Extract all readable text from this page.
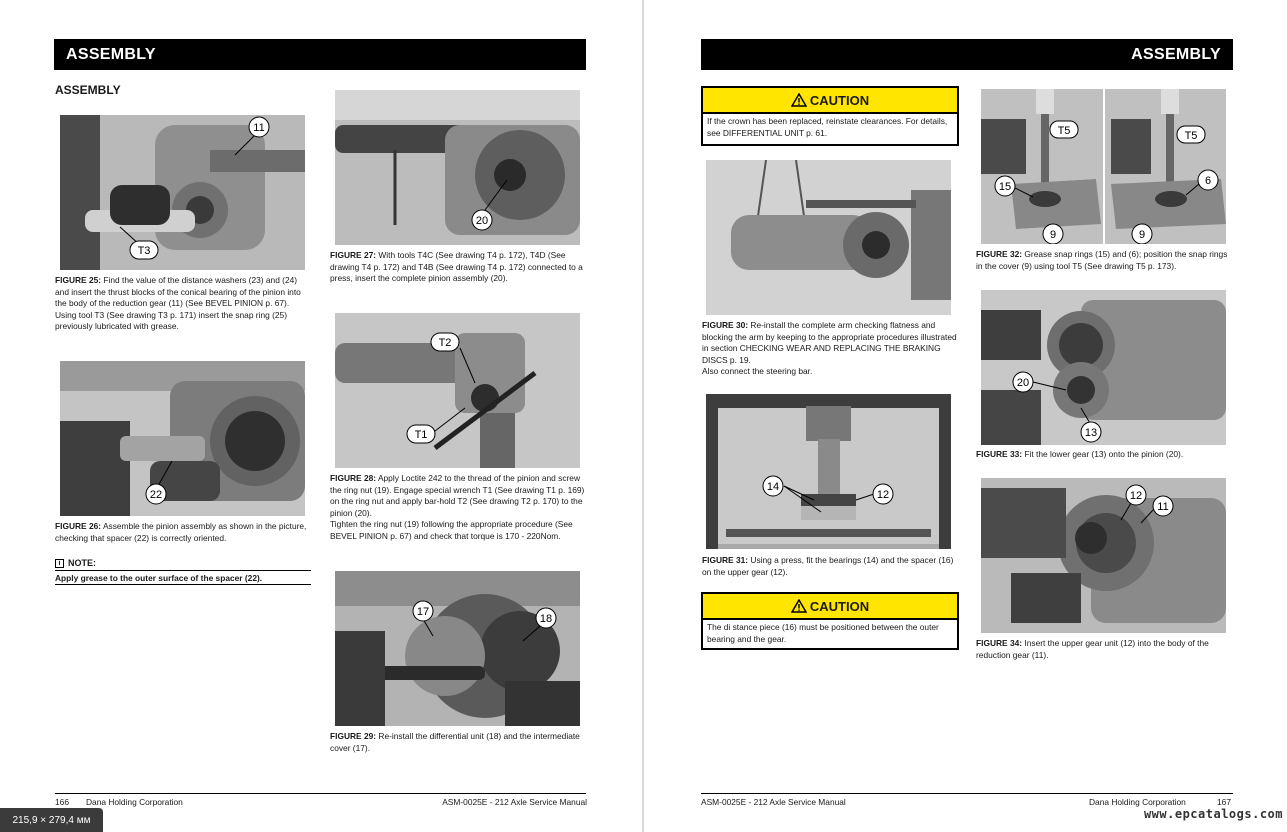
ASSEMBLY
ASSEMBLY
11
T3
FIGURE 25: Find the value of the distance washers (23) and (24) and insert the thrust blocks of the conical bearing of the pinion into the body of the reduction gear (11) (See BEVEL PINION p. 67).
Using tool T3 (See drawing T3 p. 171) insert the snap ring (25) previously lubricated with grease.
22
FIGURE 26: Assemble the pinion assembly as shown in the picture, checking that spacer (22) is correctly oriented.
i NOTE:
Apply grease to the outer surface of the spacer (22).
20
FIGURE 27: With tools T4C (See drawing T4 p. 172), T4D (See drawing T4 p. 172) and T4B (See drawing T4 p. 172) connected to a press, insert the complete pinion assembly (20).
T2
T1
FIGURE 28: Apply Loctite 242 to the thread of the pinion and screw the ring nut (19). Engage special wrench T1 (See drawing T1 p. 169) on the ring nut and apply bar-hold T2 (See drawing T2 p. 170) to the pinion (20).
Tighten the ring nut (19) following the appropriate procedure (See BEVEL PINION p. 67) and check that torque is 170 - 220Nom.
17
18
FIGURE 29: Re-install the differential unit (18) and the intermediate cover (17).
166 Dana Holding Corporation	ASM-0025E - 212 Axle Service Manual
ASSEMBLY
CAUTION
If the crown has been replaced, reinstate clearances. For details, see DIFFERENTIAL UNIT p. 61.
FIGURE 30: Re-install the complete arm checking flatness and blocking the arm by keeping to the appropriate procedures illustrated in section CHECKING WEAR AND REPLACING THE BRAKING DISCS p. 19.
Also connect the steering bar.
14
12
FIGURE 31: Using a press, fit the bearings (14) and the spacer (16) on the upper gear (12).
CAUTION
The di stance piece (16) must be positioned between the outer bearing and the gear.
T5	T5
15	6
9	9
FIGURE 32: Grease snap rings (15) and (6); position the snap rings in the cover (9) using tool T5 (See drawing T5 p. 173).
20
13
FIGURE 33: Fit the lower gear (13) onto the pinion (20).
12
11
FIGURE 34: Insert the upper gear unit (12) into the body of the reduction gear (11).
ASM-0025E - 212 Axle Service Manual	Dana Holding Corporation	167
215,9 × 279,4 мм	www.epcatalogs.com
